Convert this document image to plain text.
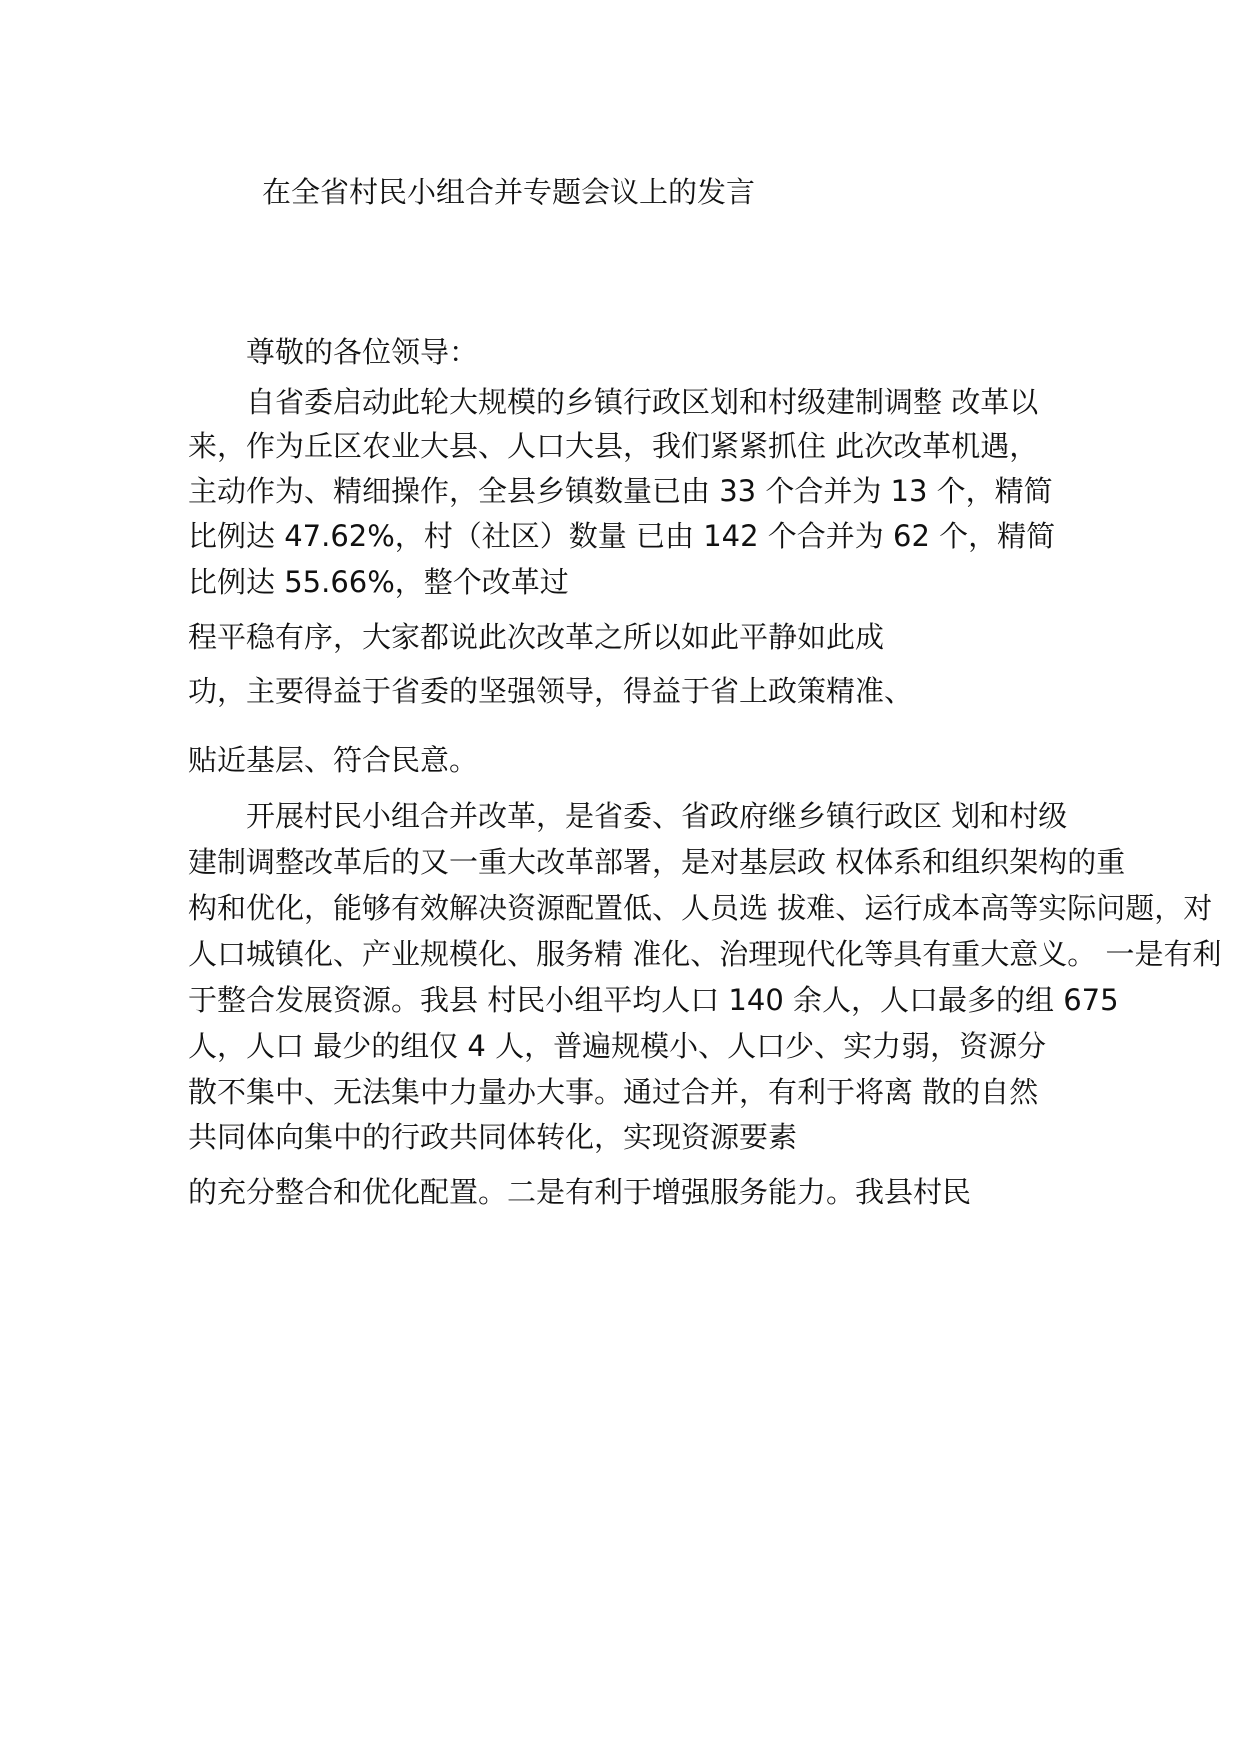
在全省村民小组合并专题会议上的发言

尊敬的各位领导：

自省委启动此轮大规模的乡镇行政区划和村级建制调整 改革以

来，作为丘区农业大县、人口大县，我们紧紧抓住 此次改革机遇，

主动作为、精细操作，全县乡镇数量已由 33 个合并为 13 个，精简

比例达 47.62%，村（社区）数量 已由 142 个合并为 62 个，精简

比例达 55.66%，整个改革过

程平稳有序，大家都说此次改革之所以如此平静如此成

功，主要得益于省委的坚强领导，得益于省上政策精准、

贴近基层、符合民意。

开展村民小组合并改革，是省委、省政府继乡镇行政区 划和村级

建制调整改革后的又一重大改革部署，是对基层政 权体系和组织架构的重

构和优化，能够有效解决资源配置低、人员选 拔难、运行成本高等实际问题，对

人口城镇化、产业规模化、服务精 准化、治理现代化等具有重大意义。 一是有利

于整合发展资源。我县 村民小组平均人口 140 余人，人口最多的组 675

人，人口 最少的组仅 4 人，普遍规模小、人口少、实力弱，资源分

散不集中、无法集中力量办大事。通过合并，有利于将离 散的自然

共同体向集中的行政共同体转化，实现资源要素

的充分整合和优化配置。二是有利于增强服务能力。我县村民
